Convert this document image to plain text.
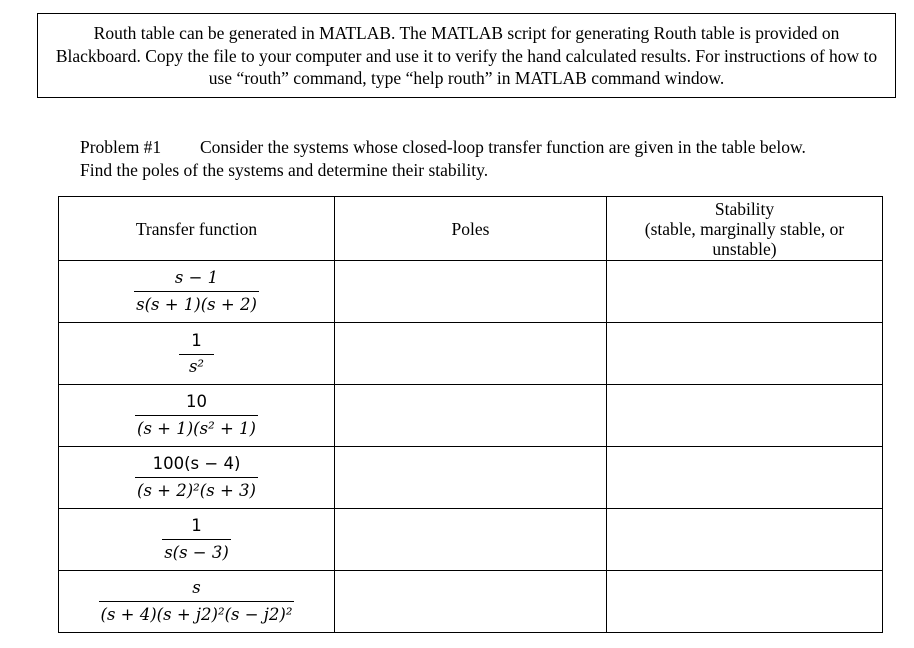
Routh table can be generated in MATLAB. The MATLAB script for generating Routh table is provided on Blackboard. Copy the file to your computer and use it to verify the hand calculated results. For instructions of how to use “routh” command, type “help routh” in MATLAB command window.
Problem #1 Consider the systems whose closed-loop transfer function are given in the table below.
Find the poles of the systems and determine their stability.
Transfer function	Poles	Stability
(stable, marginally stable, or
unstable)

$\frac{s - 1}{s(s + 1)(s + 2)}$

$\frac{1}{\text{s²}}$

$\frac{10}{\text{(s + 1)(s² + 1)}}$

$\frac{100(s - 4)}{\text{(s + 2)²(s + 3)}}$

$\frac{1}{s(s - 3)}$

$\frac{s}{\text{(s + 4)(s + j2)²(s − j2)²}}$
